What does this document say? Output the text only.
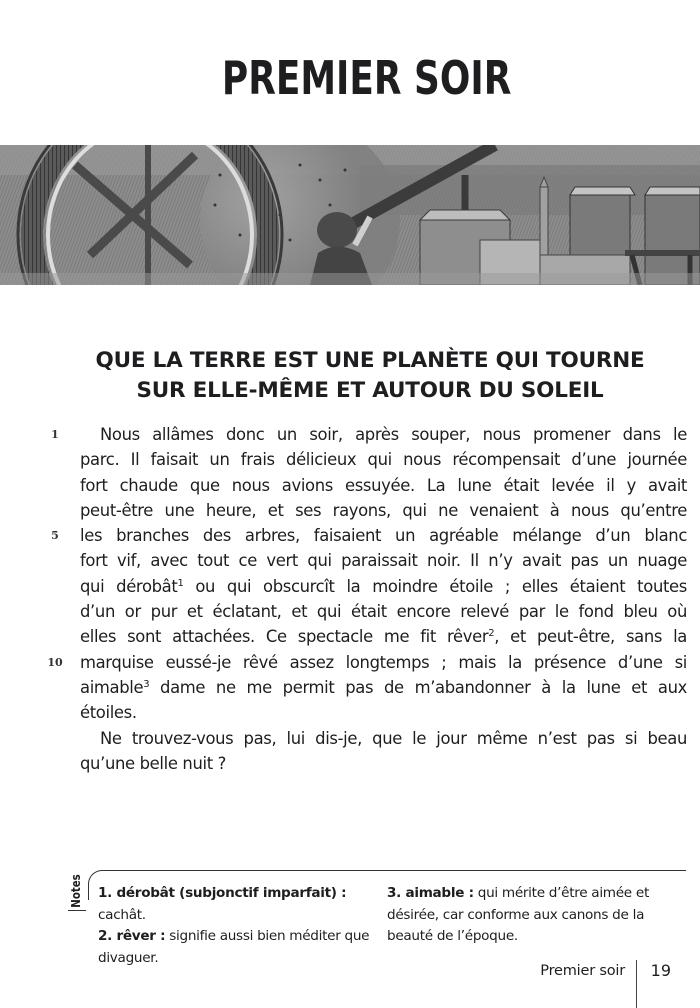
PREMIER SOIR
QUE LA TERRE EST UNE PLANÈTE QUI TOURNE
SUR ELLE-MÊME ET AUTOUR DU SOLEIL
1
5
10
Nous allâmes donc un soir, après souper, nous promener dans le
parc. Il faisait un frais délicieux qui nous récompensait d’une journée
fort chaude que nous avions essuyée. La lune était levée il y avait
peut-être une heure, et ses rayons, qui ne venaient à nous qu’entre
les branches des arbres, faisaient un agréable mélange d’un blanc
fort vif, avec tout ce vert qui paraissait noir. Il n’y avait pas un nuage
qui dérobât$^1$ ou qui obscurcît la moindre étoile ; elles étaient toutes
d’un or pur et éclatant, et qui était encore relevé par le fond bleu où
elles sont attachées. Ce spectacle me fit rêver$^2$, et peut-être, sans la
marquise eussé-je rêvé assez longtemps ; mais la présence d’une si
aimable$^3$ dame ne me permit pas de m’abandonner à la lune et aux
étoiles.
Ne trouvez-vous pas, lui dis-je, que le jour même n’est pas si beau
qu’une belle nuit ?
Notes 1. dérobât (subjonctif imparfait) : cachât.
2. rêver : signifie aussi bien méditer que divaguer.
3. aimable : qui mérite d’être aimée et désirée, car conforme aux canons de la beauté de l’époque.
Premier soir 19
